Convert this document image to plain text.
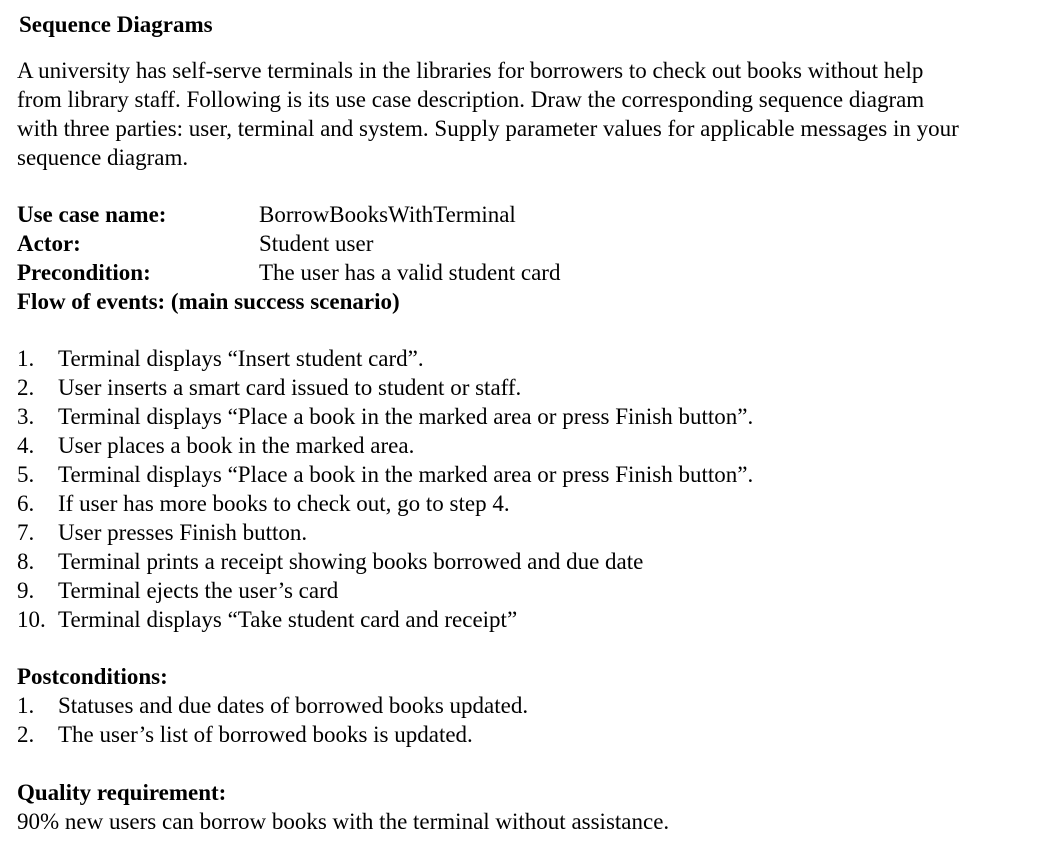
Sequence Diagrams
A university has self-serve terminals in the libraries for borrowers to check out books without help
from library staff. Following is its use case description. Draw the corresponding sequence diagram
with three parties: user, terminal and system. Supply parameter values for applicable messages in your
sequence diagram.
Use case name:	BorrowBooksWithTerminal
Actor:	Student user
Precondition:	The user has a valid student card
Flow of events: (main success scenario)
1.	Terminal displays “Insert student card”.
2.	User inserts a smart card issued to student or staff.
3.	Terminal displays “Place a book in the marked area or press Finish button”.
4.	User places a book in the marked area.
5.	Terminal displays “Place a book in the marked area or press Finish button”.
6.	If user has more books to check out, go to step 4.
7.	User presses Finish button.
8.	Terminal prints a receipt showing books borrowed and due date
9.	Terminal ejects the user’s card
10. Terminal displays “Take student card and receipt”
Postconditions:
1.	Statuses and due dates of borrowed books updated.
2.	The user’s list of borrowed books is updated.
Quality requirement:
90% new users can borrow books with the terminal without assistance.
